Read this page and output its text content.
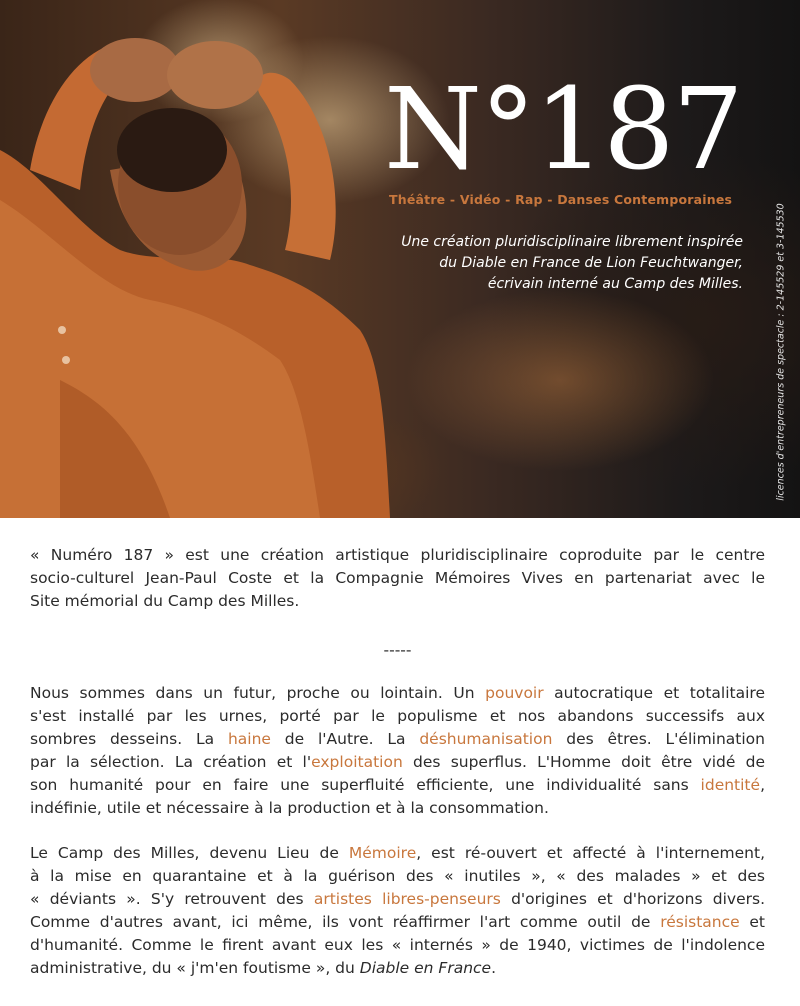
N°187

Théâtre - Vidéo - Rap - Danses Contemporaines

Une création pluridisciplinaire librement inspirée
du Diable en France de Lion Feuchtwanger,
écrivain interné au Camp des Milles.	licences d'entrepreneurs de spectacle : 2-145529 et 3-145530

« Numéro 187 » est une création artistique pluridisciplinaire coproduite par le centre
socio-culturel Jean-Paul Coste et la Compagnie Mémoires Vives en partenariat avec le
Site mémorial du Camp des Milles.

-----

Nous sommes dans un futur, proche ou lointain. Un pouvoir autocratique et totalitaire
s'est installé par les urnes, porté par le populisme et nos abandons successifs aux
sombres desseins. La haine de l'Autre. La déshumanisation des êtres. L'élimination
par la sélection. La création et l'exploitation des superflus. L'Homme doit être vidé de
son humanité pour en faire une superfluité efficiente, une individualité sans identité,
indéfinie, utile et nécessaire à la production et à la consommation.

Le Camp des Milles, devenu Lieu de Mémoire, est ré-ouvert et affecté à l'internement,
à la mise en quarantaine et à la guérison des « inutiles », « des malades » et des
« déviants ». S'y retrouvent des artistes libres-penseurs d'origines et d'horizons divers.
Comme d'autres avant, ici même, ils vont réaffirmer l'art comme outil de résistance et
d'humanité. Comme le firent avant eux les « internés » de 1940, victimes de l'indolence
administrative, du « j'm'en foutisme », du Diable en France.
